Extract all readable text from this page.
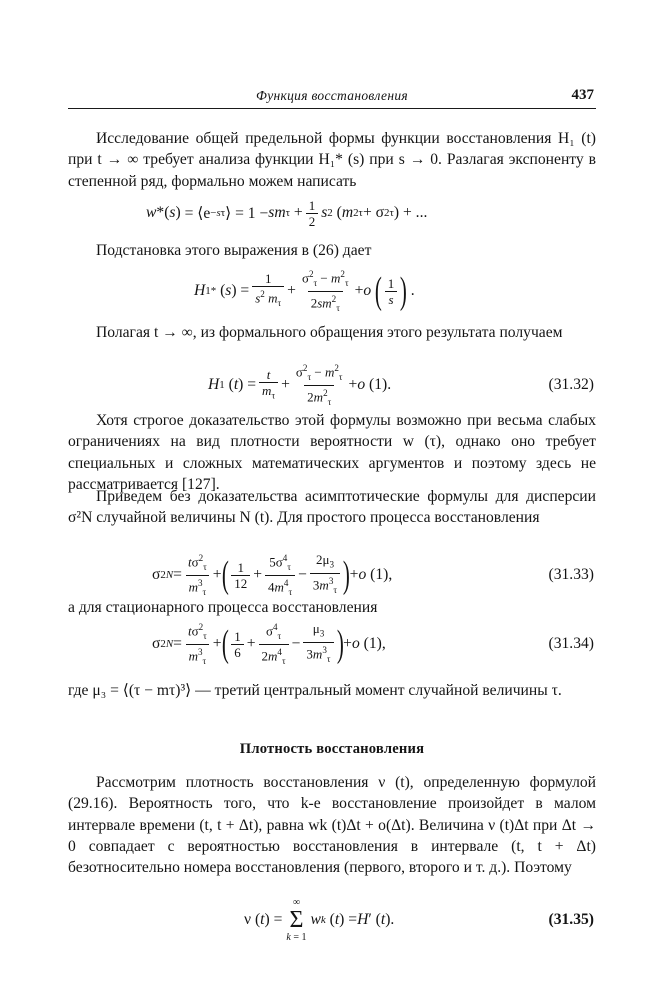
Функция восстановления	437
Исследование общей предельной формы функции восстановления H₁ (t) при t → ∞ требует анализа функции H₁* (s) при s → 0. Разлагая экспоненту в степенной ряд, формально можем написать
w * ( s ) = ⟨e −sτ ⟩ = 1 − s m $\tau + \frac{1}{2}$ s 2 ( m 2 τ + σ 2 τ ) + ...
Подстановка этого выражения в (26) дает
H 1 * ( s ) = $\frac{1}{s^2 m_\tau} + \frac{\sigma^2_\tau - m^2_\tau}{2sm^2_\tau} + o$
( $\frac{1}{s}$ ) .
Полагая t → ∞, из формального обращения этого результата получаем
H 1 ( t ) = $\frac{t}{m_\tau} + \frac{\sigma^2_\tau - m^2_\tau}{2m^2_\tau} + o$ (1).	(31.32)
Хотя строгое доказательство этой формулы возможно при весьма слабых ограничениях на вид плотности вероятности w (τ), однако оно требует специальных и сложных математических аргументов и поэтому здесь не рассматривается [127].
Приведем без доказательства асимптотические формулы для дисперсии σ²N случайной величины N (t). Для простого процесса восстановления
σ 2 $N = \frac{t\sigma^2_\tau}{m^3_\tau}$ + ( $\frac{1}{12} + \frac{5\sigma^4_\tau}{4m^4_\tau} - \frac{2\mu_3}{3m^3_\tau}$ ) + o (1),	(31.33)
а для стационарного процесса восстановления
σ 2 $N = \frac{t\sigma^2_\tau}{m^3_\tau}$ + ( $\frac{1}{6} + \frac{\sigma^4_\tau}{2m^4_\tau} - \frac{\mu_3}{3m^3_\tau}$ ) + o (1),	(31.34)
где μ₃ = ⟨(τ − mτ)³⟩ — третий центральный момент случайной величины τ.
Плотность восстановления
Рассмотрим плотность восстановления ν (t), определенную формулой (29.16). Вероятность того, что k-е восстановление произойдет в малом интервале времени (t, t + Δt), равна wk (t)Δt + o(Δt). Величина ν (t)Δt при Δt → 0 совпадает с вероятностью восстановления в интервале (t, t + Δt) безотносительно номера восстановления (первого, второго и т. д.). Поэтому
ν ( t ) =
∞
Σ
k = 1
w k ( t ) = H ′ ( t ).	(31.35)
